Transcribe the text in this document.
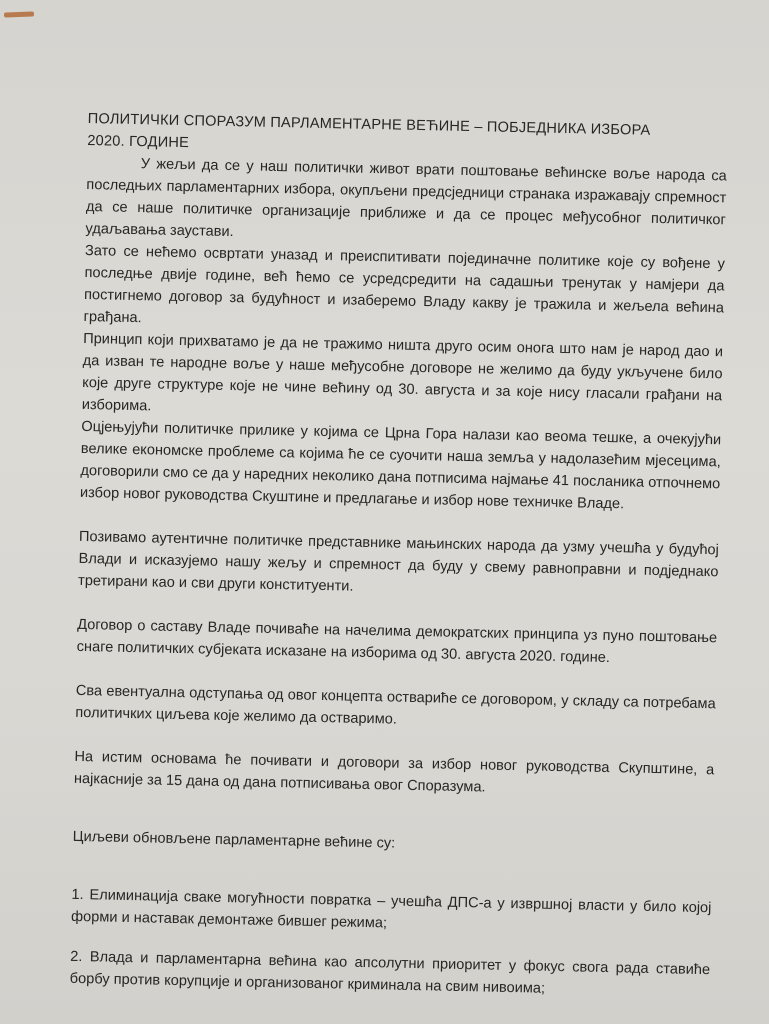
ПОЛИТИЧКИ СПОРАЗУМ ПАРЛАМЕНТАРНЕ ВЕЋИНЕ – ПОБЈЕДНИКА ИЗБОРА
2020. ГОДИНЕ

У жељи да се у наш политички живот врати поштовање већинске воље народа са последњих парламентарних избора, окупљени предсједници странака изражавају спремност да се наше политичке организације приближе и да се процес међусобног политичког удаљавања заустави.

Зато се нећемо освртати уназад и преиспитивати појединачне политике које су вођене у последње двије године, већ ћемо се усредсредити на садашњи тренутак у намјери да постигнемо договор за будућност и изаберемо Владу какву је тражила и жељела већина грађана.

Принцип који прихватамо је да не тражимо ништа друго осим онога што нам је народ дао и да изван те народне воље у наше међусобне договоре не желимо да буду укључене било које друге структуре које не чине већину од 30. августа и за које нису гласали грађани на изборима.

Оцјењујући политичке прилике у којима се Црна Гора налази као веома тешке, а очекујући велике економске проблеме са којима ће се суочити наша земља у надолазећим мјесецима, договорили смо се да у наредних неколико дана потписима најмање 41 посланика отпочнемо избор новог руководства Скуштине и предлагање и избор нове техничке Владе.

Позивамо аутентичне политичке представнике мањинских народа да узму учешћа у будућој Влади и исказујемо нашу жељу и спремност да буду у свему равноправни и подједнако третирани као и сви други конституенти.

Договор о саставу Владе почиваће на начелима демократских принципа уз пуно поштовање снаге политичких субјеката исказане на изборима од 30. августа 2020. године.

Сва евентуална одступања од овог концепта оствариће се договором, у складу са потребама политичких циљева које желимо да остваримо.

На истим основама ће почивати и договори за избор новог руководства Скупштине, а најкасније за 15 дана од дана потписивања овог Споразума.

Циљеви обновљене парламентарне већине су:

1. Елиминација сваке могућности повратка – учешћа ДПС-а у извршној власти у било којој форми и наставак демонтаже бившег режима;

2. Влада и парламентарна већина као апсолутни приоритет у фокус свога рада ставиће борбу против корупције и организованог криминала на свим нивоима;
